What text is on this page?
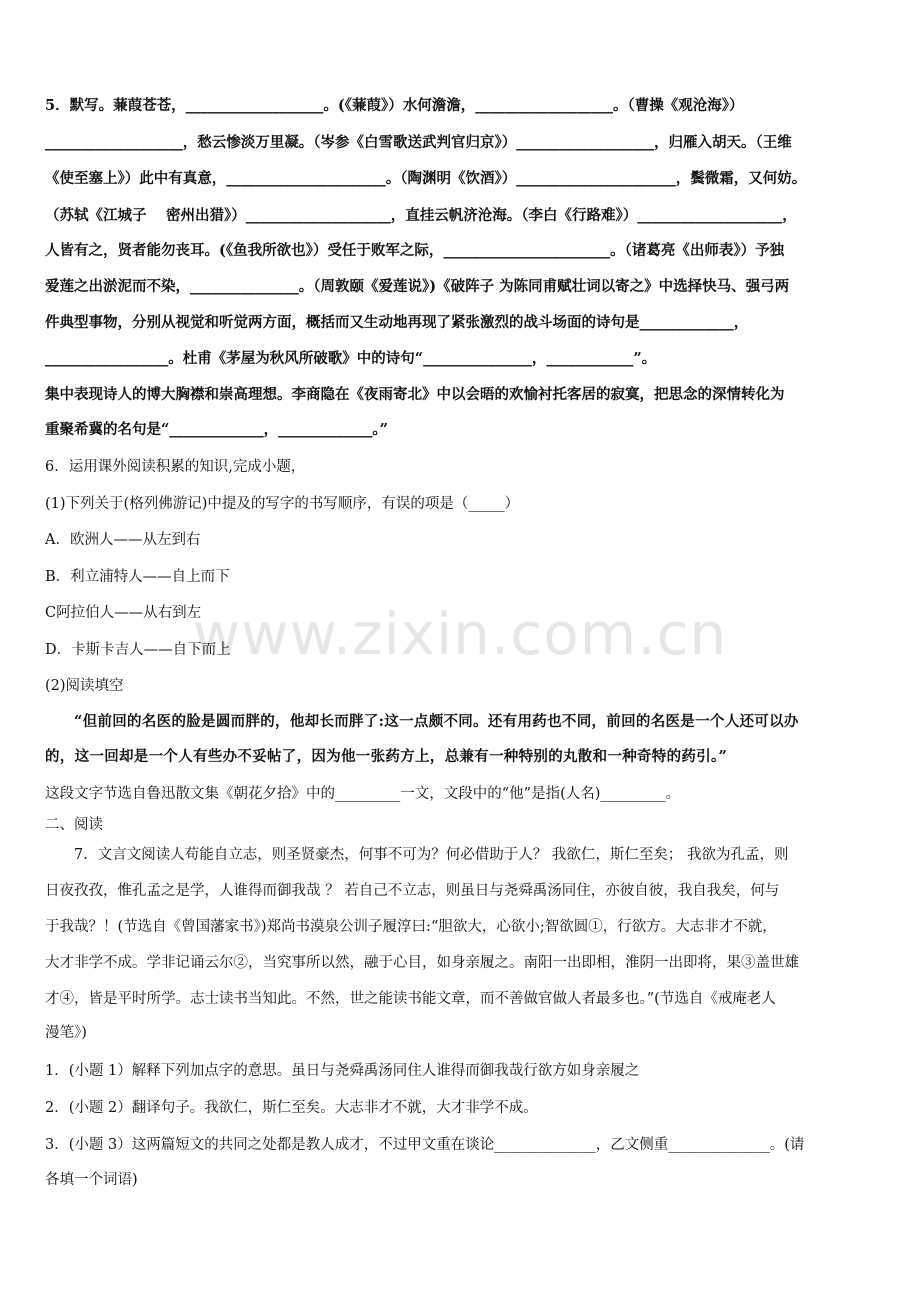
www.zixin.com.cn
5．默写。蒹葭苍苍，___________________。(《蒹葭》）水何澹澹，___________________。（曹操《观沧海》）
___________________，愁云惨淡万里凝。（岑参《白雪歌送武判官归京》）___________________，归雁入胡天。（王维
《使至塞上》）此中有真意，______________________。（陶渊明《饮酒》）______________________，鬓微霜，又何妨。
（苏轼《江城子　 密州出猎》）____________________，直挂云帆济沧海。（李白《行路难》）____________________，
人皆有之，贤者能勿丧耳。(《鱼我所欲也》）受任于败军之际，_______________________。（诸葛亮《出师表》）予独
爱莲之出淤泥而不染，_______________。（周敦颐《爱莲说》)《破阵子 为陈同甫赋壮词以寄之》中选择快马、强弓两
件典型事物，分别从视觉和听觉两方面，概括而又生动地再现了紧张激烈的战斗场面的诗句是_____________，
_________________。杜甫《茅屋为秋风所破歌》中的诗句“_______________，____________”。
集中表现诗人的博大胸襟和崇高理想。李商隐在《夜雨寄北》中以会晤的欢愉衬托客居的寂寞，把思念的深情转化为
重聚希冀的名句是“_____________，_____________。”
6．运用课外阅读积累的知识,完成小题，
(1)下列关于(格列佛游记)中提及的写字的书写顺序，有误的项是（_____）
A．欧洲人——从左到右
B．利立浦特人——自上而下
C阿拉伯人——从右到左
D．卡斯卡吉人——自下而上
(2)阅读填空
“但前回的名医的脸是圆而胖的，他却长而胖了:这一点颇不同。还有用药也不同，前回的名医是一个人还可以办
的，这一回却是一个人有些办不妥帖了，因为他一张药方上，总兼有一种特别的丸散和一种奇特的药引。”
这段文字节选自鲁迅散文集《朝花夕拾》中的_________一文，文段中的“他”是指(人名)_________。
二、阅读
7．文言文阅读人苟能自立志，则圣贤豪杰，何事不可为？何必借助于人？ 我欲仁，斯仁至矣； 我欲为孔孟，则
日夜孜孜，惟孔孟之是学，人谁得而御我哉 ？ 若自己不立志，则虽日与尧舜禹汤同住，亦彼自彼，我自我矣，何与
于我哉？！(节选自《曾国藩家书》)郑尚书漠泉公训子履淳曰:“胆欲大，心欲小;智欲圆①，行欲方。大志非才不就，
大才非学不成。学非记诵云尔②，当究事所以然，融于心目，如身亲履之。南阳一出即相，淮阴一出即将，果③盖世雄
才④，皆是平时所学。志士读书当知此。不然，世之能读书能文章，而不善做官做人者最多也。”(节选自《戒庵老人
漫笔》)
1．(小题 1）解释下列加点字的意思。虽日与尧舜禹汤同住人谁得而御我哉行欲方如身亲履之
2．(小题 2）翻译句子。我欲仁，斯仁至矣。大志非才不就，大才非学不成。
3．(小题 3）这两篇短文的共同之处都是教人成才，不过甲文重在谈论______________，乙文侧重______________。(请
各填一个词语)
